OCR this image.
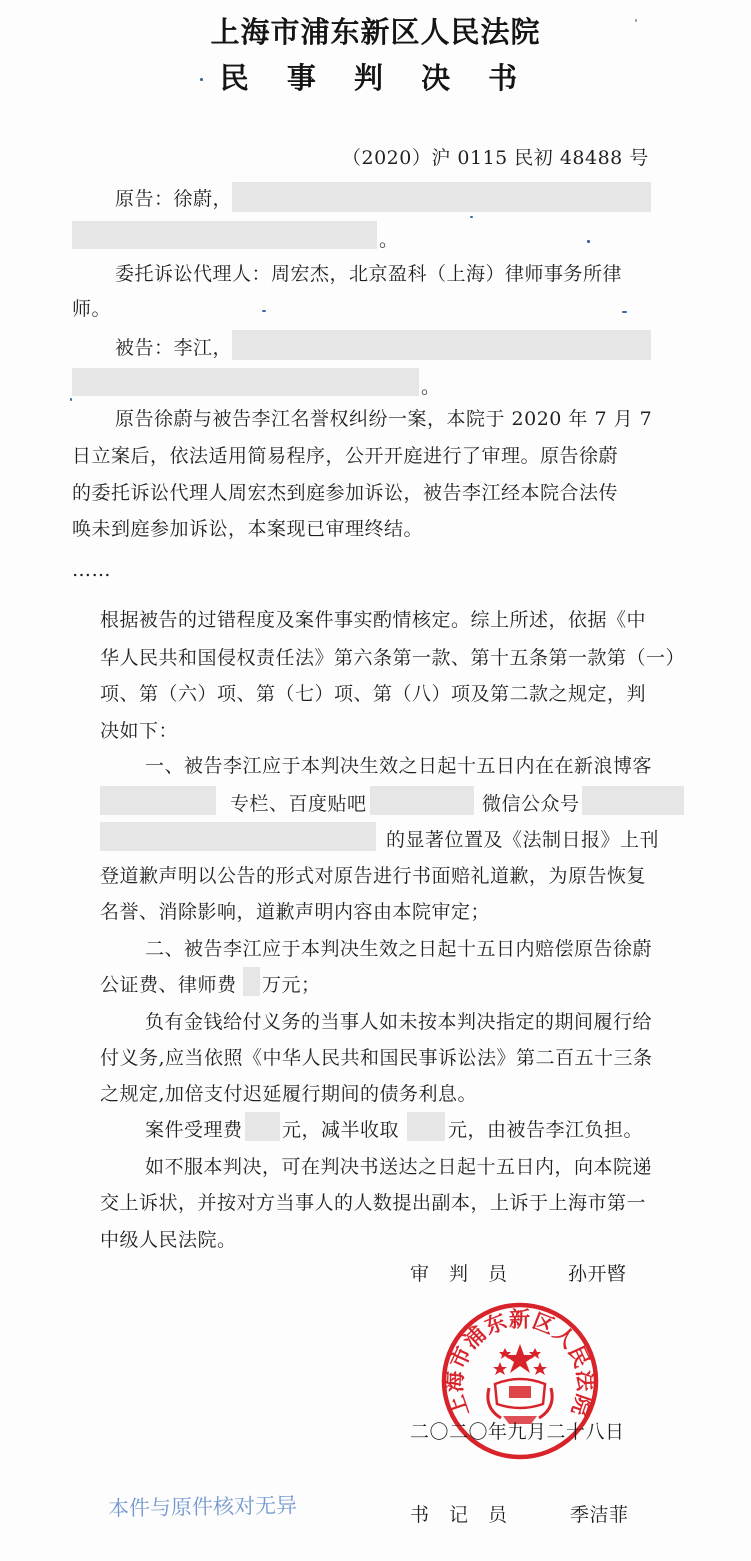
上海市浦东新区人民法院
民 事 判 决 书
（2020）沪 0115 民初 48488 号
原告：徐蔚，
。
委托诉讼代理人：周宏杰，北京盈科（上海）律师事务所律
师。
被告：李江，
。
原告徐蔚与被告李江名誉权纠纷一案，本院于 2020 年 7 月 7
日立案后，依法适用简易程序，公开开庭进行了审理。原告徐蔚
的委托诉讼代理人周宏杰到庭参加诉讼，被告李江经本院合法传
唤未到庭参加诉讼，本案现已审理终结。
……
根据被告的过错程度及案件事实酌情核定。综上所述，依据《中
华人民共和国侵权责任法》第六条第一款、第十五条第一款第（一）
项、第（六）项、第（七）项、第（八）项及第二款之规定，判
决如下：
一、被告李江应于本判决生效之日起十五日内在在新浪博客
专栏、百度贴吧	微信公众号
的显著位置及《法制日报》上刊
登道歉声明以公告的形式对原告进行书面赔礼道歉，为原告恢复
名誉、消除影响，道歉声明内容由本院审定；
二、被告李江应于本判决生效之日起十五日内赔偿原告徐蔚
公证费、律师费 万元；
负有金钱给付义务的当事人如未按本判决指定的期间履行给
付义务,应当依照《中华人民共和国民事诉讼法》第二百五十三条
之规定,加倍支付迟延履行期间的债务利息。
案件受理费 元，减半收取	元，由被告李江负担。
如不服本判决，可在判决书送达之日起十五日内，向本院递
交上诉状，并按对方当事人的人数提出副本，上诉于上海市第一
中级人民法院。
审　判　员	孙开暋
上海市浦东新区人民法院
二〇二〇年九月二十八日
本件与原件核对无异	书　记　员	季洁菲
